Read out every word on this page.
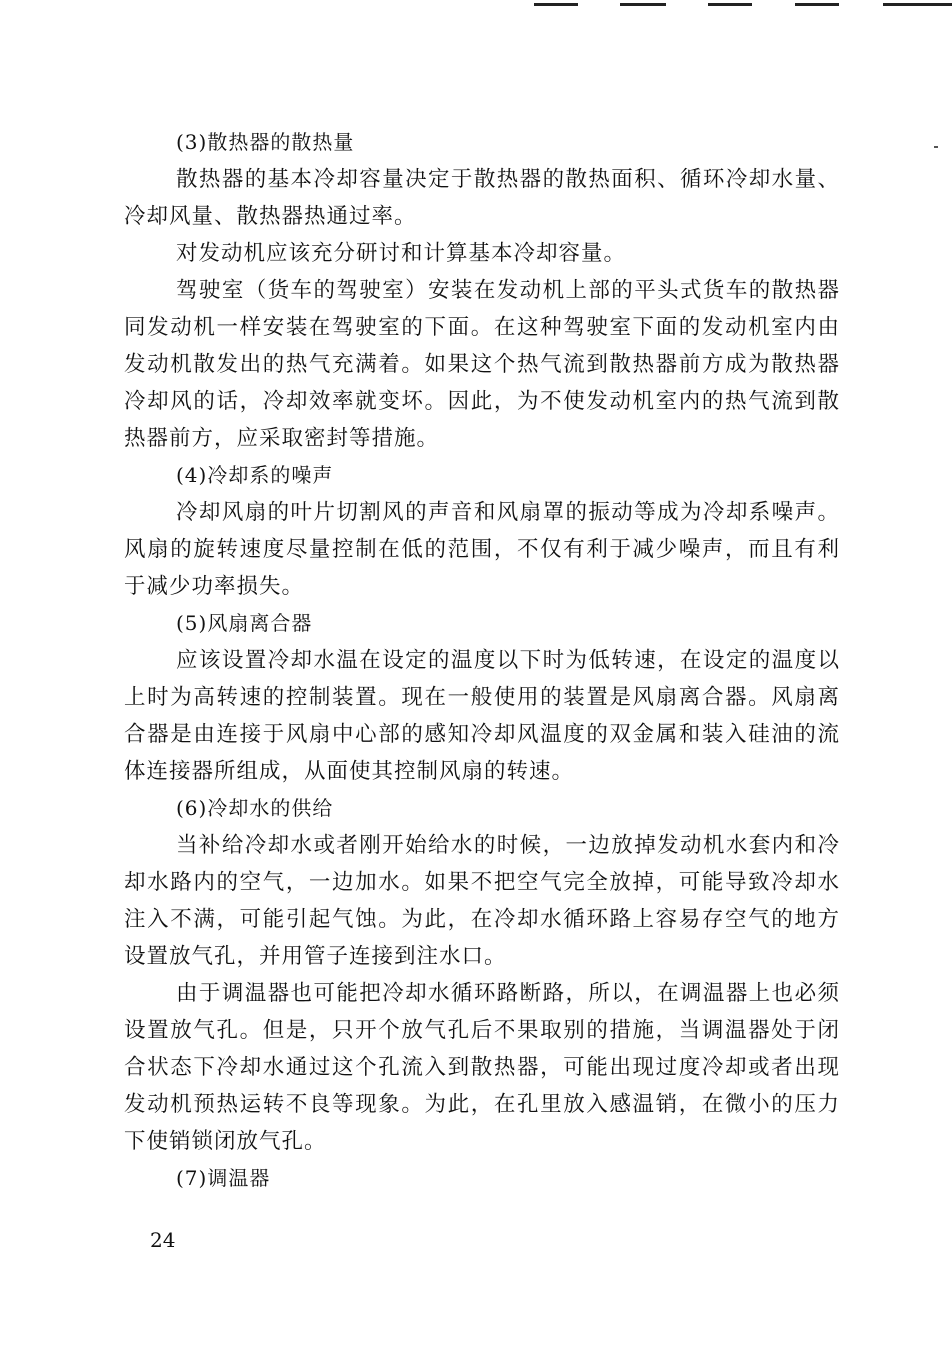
(3)散热器的散热量

散热器的基本冷却容量决定于散热器的散热面积、循环冷却水量、冷却风量、散热器热通过率。

对发动机应该充分研讨和计算基本冷却容量。

驾驶室（货车的驾驶室）安装在发动机上部的平头式货车的散热器同发动机一样安装在驾驶室的下面。在这种驾驶室下面的发动机室内由发动机散发出的热气充满着。如果这个热气流到散热器前方成为散热器冷却风的话，冷却效率就变坏。因此，为不使发动机室内的热气流到散热器前方，应采取密封等措施。

(4)冷却系的噪声

冷却风扇的叶片切割风的声音和风扇罩的振动等成为冷却系噪声。风扇的旋转速度尽量控制在低的范围，不仅有利于减少噪声，而且有利于减少功率损失。

(5)风扇离合器

应该设置冷却水温在设定的温度以下时为低转速，在设定的温度以上时为高转速的控制装置。现在一般使用的装置是风扇离合器。风扇离合器是由连接于风扇中心部的感知冷却风温度的双金属和装入硅油的流体连接器所组成，从面使其控制风扇的转速。

(6)冷却水的供给

当补给冷却水或者刚开始给水的时候，一边放掉发动机水套内和冷却水路内的空气，一边加水。如果不把空气完全放掉，可能导致冷却水注入不满，可能引起气蚀。为此，在冷却水循环路上容易存空气的地方设置放气孔，并用管子连接到注水口。

由于调温器也可能把冷却水循环路断路，所以，在调温器上也必须设置放气孔。但是，只开个放气孔后不果取别的措施，当调温器处于闭合状态下冷却水通过这个孔流入到散热器，可能出现过度冷却或者出现发动机预热运转不良等现象。为此，在孔里放入感温销，在微小的压力下使销锁闭放气孔。

(7)调温器

24
